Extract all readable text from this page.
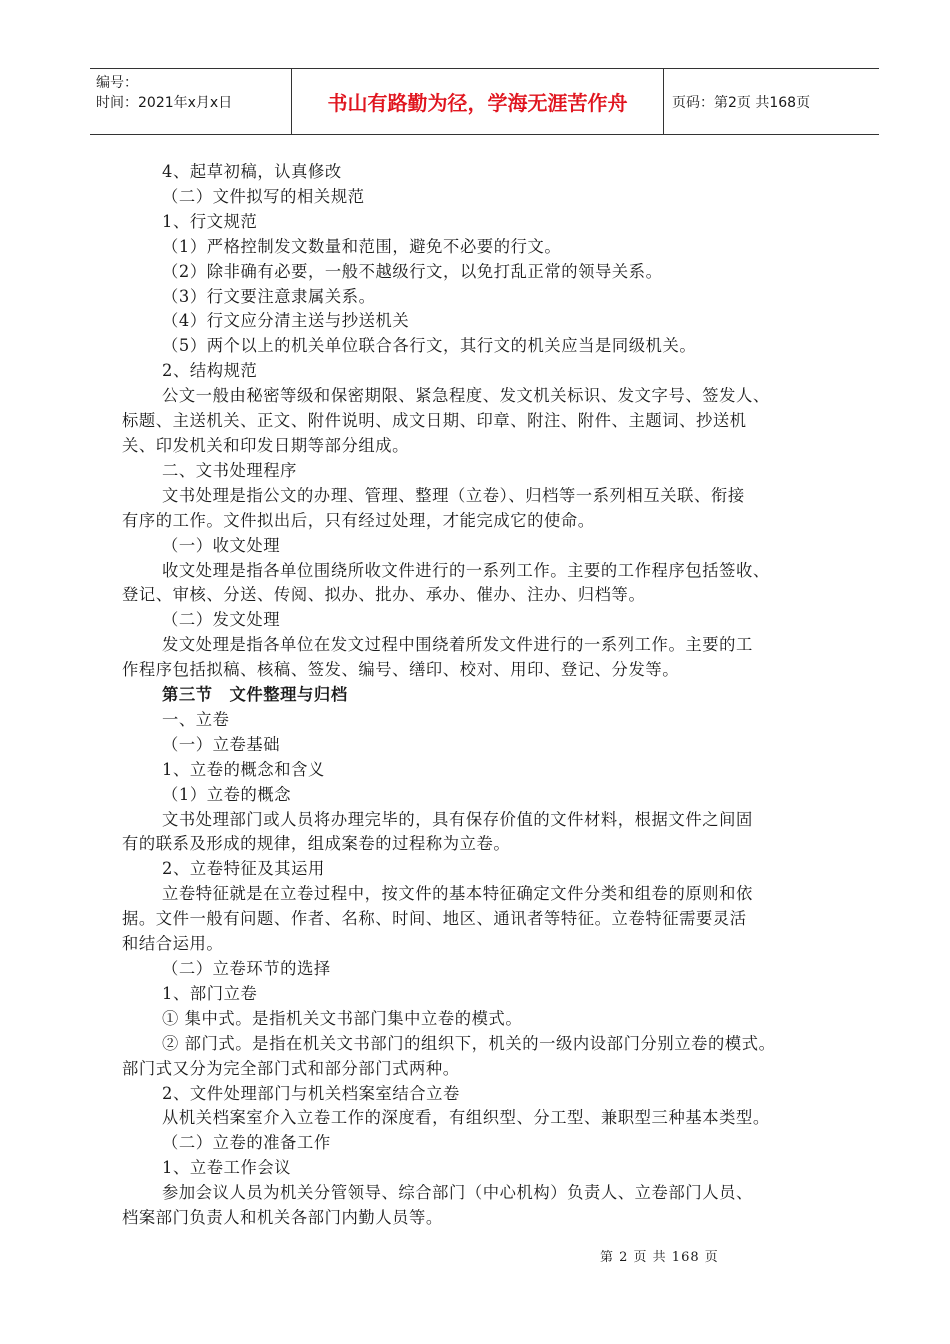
编号：
时间：2021年x月x日	书山有路勤为径，学海无涯苦作舟	页码：第2页 共168页

4、起草初稿，认真修改

（二）文件拟写的相关规范

1、行文规范

（1）严格控制发文数量和范围，避免不必要的行文。

（2）除非确有必要，一般不越级行文，以免打乱正常的领导关系。

（3）行文要注意隶属关系。

（4）行文应分清主送与抄送机关

（5）两个以上的机关单位联合各行文，其行文的机关应当是同级机关。

2、结构规范

公文一般由秘密等级和保密期限、紧急程度、发文机关标识、发文字号、签发人、

标题、主送机关、正文、附件说明、成文日期、印章、附注、附件、主题词、抄送机

关、印发机关和印发日期等部分组成。

二、文书处理程序

文书处理是指公文的办理、管理、整理（立卷）、归档等一系列相互关联、衔接

有序的工作。文件拟出后，只有经过处理，才能完成它的使命。

（一）收文处理

收文处理是指各单位围绕所收文件进行的一系列工作。主要的工作程序包括签收、

登记、审核、分送、传阅、拟办、批办、承办、催办、注办、归档等。

（二）发文处理

发文处理是指各单位在发文过程中围绕着所发文件进行的一系列工作。主要的工

作程序包括拟稿、核稿、签发、编号、缮印、校对、用印、登记、分发等。

第三节　文件整理与归档

一、立卷

（一）立卷基础

1、立卷的概念和含义

（1）立卷的概念

文书处理部门或人员将办理完毕的，具有保存价值的文件材料，根据文件之间固

有的联系及形成的规律，组成案卷的过程称为立卷。

2、立卷特征及其运用

立卷特征就是在立卷过程中，按文件的基本特征确定文件分类和组卷的原则和依

据。文件一般有问题、作者、名称、时间、地区、通讯者等特征。立卷特征需要灵活

和结合运用。

（二）立卷环节的选择

1、部门立卷

① 集中式。是指机关文书部门集中立卷的模式。

② 部门式。是指在机关文书部门的组织下，机关的一级内设部门分别立卷的模式。

部门式又分为完全部门式和部分部门式两种。

2、文件处理部门与机关档案室结合立卷

从机关档案室介入立卷工作的深度看，有组织型、分工型、兼职型三种基本类型。

（二）立卷的准备工作

1、立卷工作会议

参加会议人员为机关分管领导、综合部门（中心机构）负责人、立卷部门人员、

档案部门负责人和机关各部门内勤人员等。

第 2 页 共 168 页
